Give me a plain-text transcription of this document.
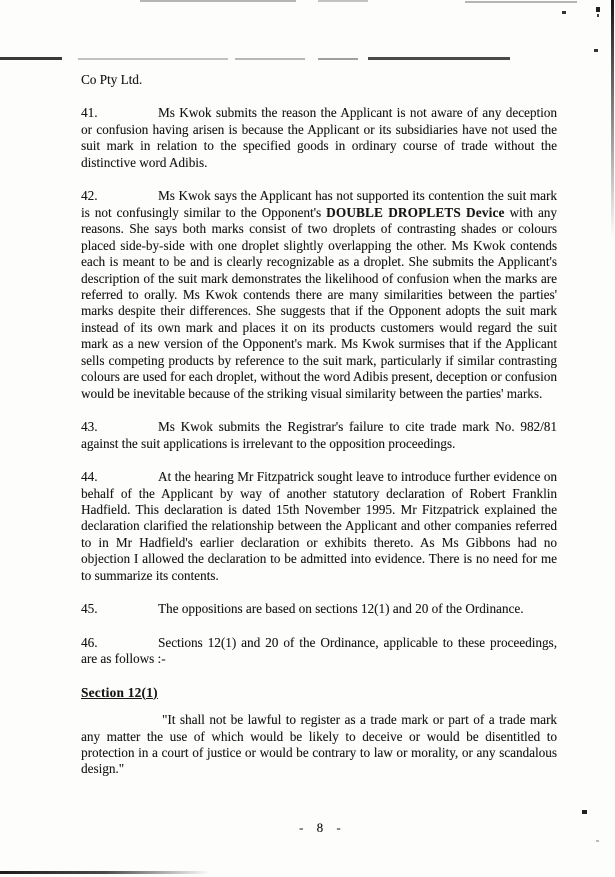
Co Pty Ltd.

41.	Ms Kwok submits the reason the Applicant is not aware of any deception or confusion having arisen is because the Applicant or its subsidiaries have not used the suit mark in relation to the specified goods in ordinary course of trade without the distinctive word Adibis.

42.	Ms Kwok says the Applicant has not supported its contention the suit mark is not confusingly similar to the Opponent's DOUBLE DROPLETS Device with any reasons. She says both marks consist of two droplets of contrasting shades or colours placed side-by-side with one droplet slightly overlapping the other. Ms Kwok contends each is meant to be and is clearly recognizable as a droplet. She submits the Applicant's description of the suit mark demonstrates the likelihood of confusion when the marks are referred to orally. Ms Kwok contends there are many similarities between the parties' marks despite their differences. She suggests that if the Opponent adopts the suit mark instead of its own mark and places it on its products customers would regard the suit mark as a new version of the Opponent's mark. Ms Kwok surmises that if the Applicant sells competing products by reference to the suit mark, particularly if similar contrasting colours are used for each droplet, without the word Adibis present, deception or confusion would be inevitable because of the striking visual similarity between the parties' marks.

43.	Ms Kwok submits the Registrar's failure to cite trade mark No. 982/81 against the suit applications is irrelevant to the opposition proceedings.

44.	At the hearing Mr Fitzpatrick sought leave to introduce further evidence on behalf of the Applicant by way of another statutory declaration of Robert Franklin Hadfield. This declaration is dated 15th November 1995. Mr Fitzpatrick explained the declaration clarified the relationship between the Applicant and other companies referred to in Mr Hadfield's earlier declaration or exhibits thereto. As Ms Gibbons had no objection I allowed the declaration to be admitted into evidence. There is no need for me to summarize its contents.

45.	The oppositions are based on sections 12(1) and 20 of the Ordinance.

46.	Sections 12(1) and 20 of the Ordinance, applicable to these proceedings, are as follows :-

Section 12(1)

"It shall not be lawful to register as a trade mark or part of a trade mark any matter the use of which would be likely to deceive or would be disentitled to protection in a court of justice or would be contrary to law or morality, or any scandalous design."

- 8 -
